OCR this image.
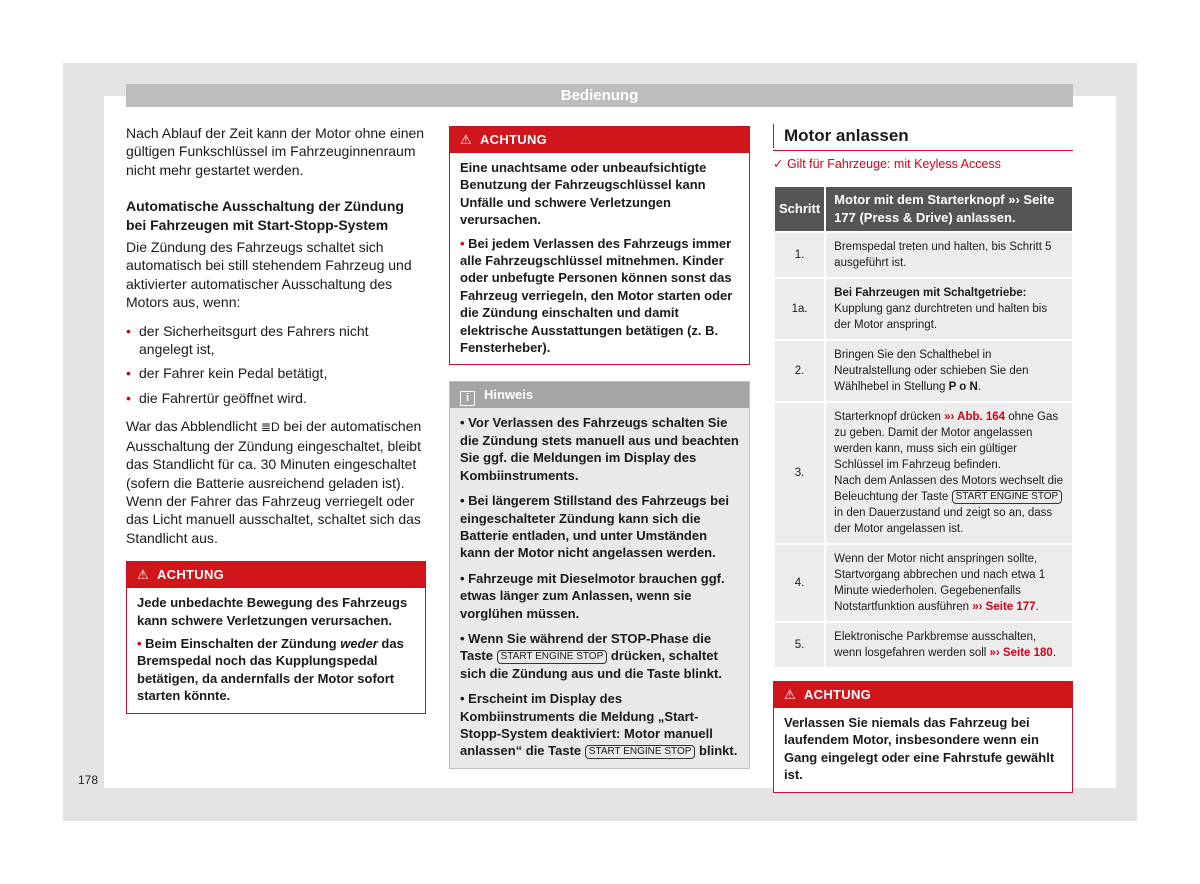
Bedienung

Nach Ablauf der Zeit kann der Motor ohne einen gültigen Funkschlüssel im Fahrzeuginnenraum nicht mehr gestartet werden.

Automatische Ausschaltung der Zündung bei Fahrzeugen mit Start-Stopp-System

Die Zündung des Fahrzeugs schaltet sich automatisch bei still stehendem Fahrzeug und aktivierter automatischer Ausschaltung des Motors aus, wenn:

• der Sicherheitsgurt des Fahrers nicht angelegt ist,
• der Fahrer kein Pedal betätigt,
• die Fahrertür geöffnet wird.

War das Abblendlicht ≣D bei der automatischen Ausschaltung der Zündung eingeschaltet, bleibt das Standlicht für ca. 30 Minuten eingeschaltet (sofern die Batterie ausreichend geladen ist). Wenn der Fahrer das Fahrzeug verriegelt oder das Licht manuell ausschaltet, schaltet sich das Standlicht aus.

⚠ ACHTUNG

Jede unbedachte Bewegung des Fahrzeugs kann schwere Verletzungen verursachen.

• Beim Einschalten der Zündung weder das Bremspedal noch das Kupplungspedal betätigen, da andernfalls der Motor sofort starten könnte.

⚠ ACHTUNG

Eine unachtsame oder unbeaufsichtigte Benutzung der Fahrzeugschlüssel kann Unfälle und schwere Verletzungen verursachen.

• Bei jedem Verlassen des Fahrzeugs immer alle Fahrzeugschlüssel mitnehmen. Kinder oder unbefugte Personen können sonst das Fahrzeug verriegeln, den Motor starten oder die Zündung einschalten und damit elektrische Ausstattungen betätigen (z. B. Fensterheber).

i Hinweis

• Vor Verlassen des Fahrzeugs schalten Sie die Zündung stets manuell aus und beachten Sie ggf. die Meldungen im Display des Kombiinstruments.

• Bei längerem Stillstand des Fahrzeugs bei eingeschalteter Zündung kann sich die Batterie entladen, und unter Umständen kann der Motor nicht angelassen werden.

• Fahrzeuge mit Dieselmotor brauchen ggf. etwas länger zum Anlassen, wenn sie vorglühen müssen.

• Wenn Sie während der STOP-Phase die Taste START ENGINE STOP drücken, schaltet sich die Zündung aus und die Taste blinkt.

• Erscheint im Display des Kombiinstruments die Meldung „Start-Stopp-System deaktiviert: Motor manuell anlassen“ die Taste START ENGINE STOP blinkt.

Motor anlassen
✓ Gilt für Fahrzeuge: mit Keyless Access
Schritt	Motor mit dem Starterknopf »› Seite 177 (Press & Drive) anlassen.
1.	Bremspedal treten und halten, bis Schritt 5 ausgeführt ist.
1a.	Bei Fahrzeugen mit Schaltgetriebe: Kupplung ganz durchtreten und halten bis der Motor anspringt.
2.	Bringen Sie den Schalthebel in Neutralstellung oder schieben Sie den Wählhebel in Stellung P o N.
3.	Starterknopf drücken »› Abb. 164 ohne Gas zu geben. Damit der Motor angelassen werden kann, muss sich ein gültiger Schlüssel im Fahrzeug befinden.
Nach dem Anlassen des Motors wechselt die Beleuchtung der Taste START ENGINE STOP in den Dauerzustand und zeigt so an, dass der Motor angelassen ist.
4.	Wenn der Motor nicht anspringen sollte, Startvorgang abbrechen und nach etwa 1 Minute wiederholen. Gegebenenfalls Notstartfunktion ausführen »› Seite 177.
5.	Elektronische Parkbremse ausschalten, wenn losgefahren werden soll »› Seite 180.
⚠ ACHTUNG
Verlassen Sie niemals das Fahrzeug bei laufendem Motor, insbesondere wenn ein Gang eingelegt oder eine Fahrstufe gewählt ist.
178
